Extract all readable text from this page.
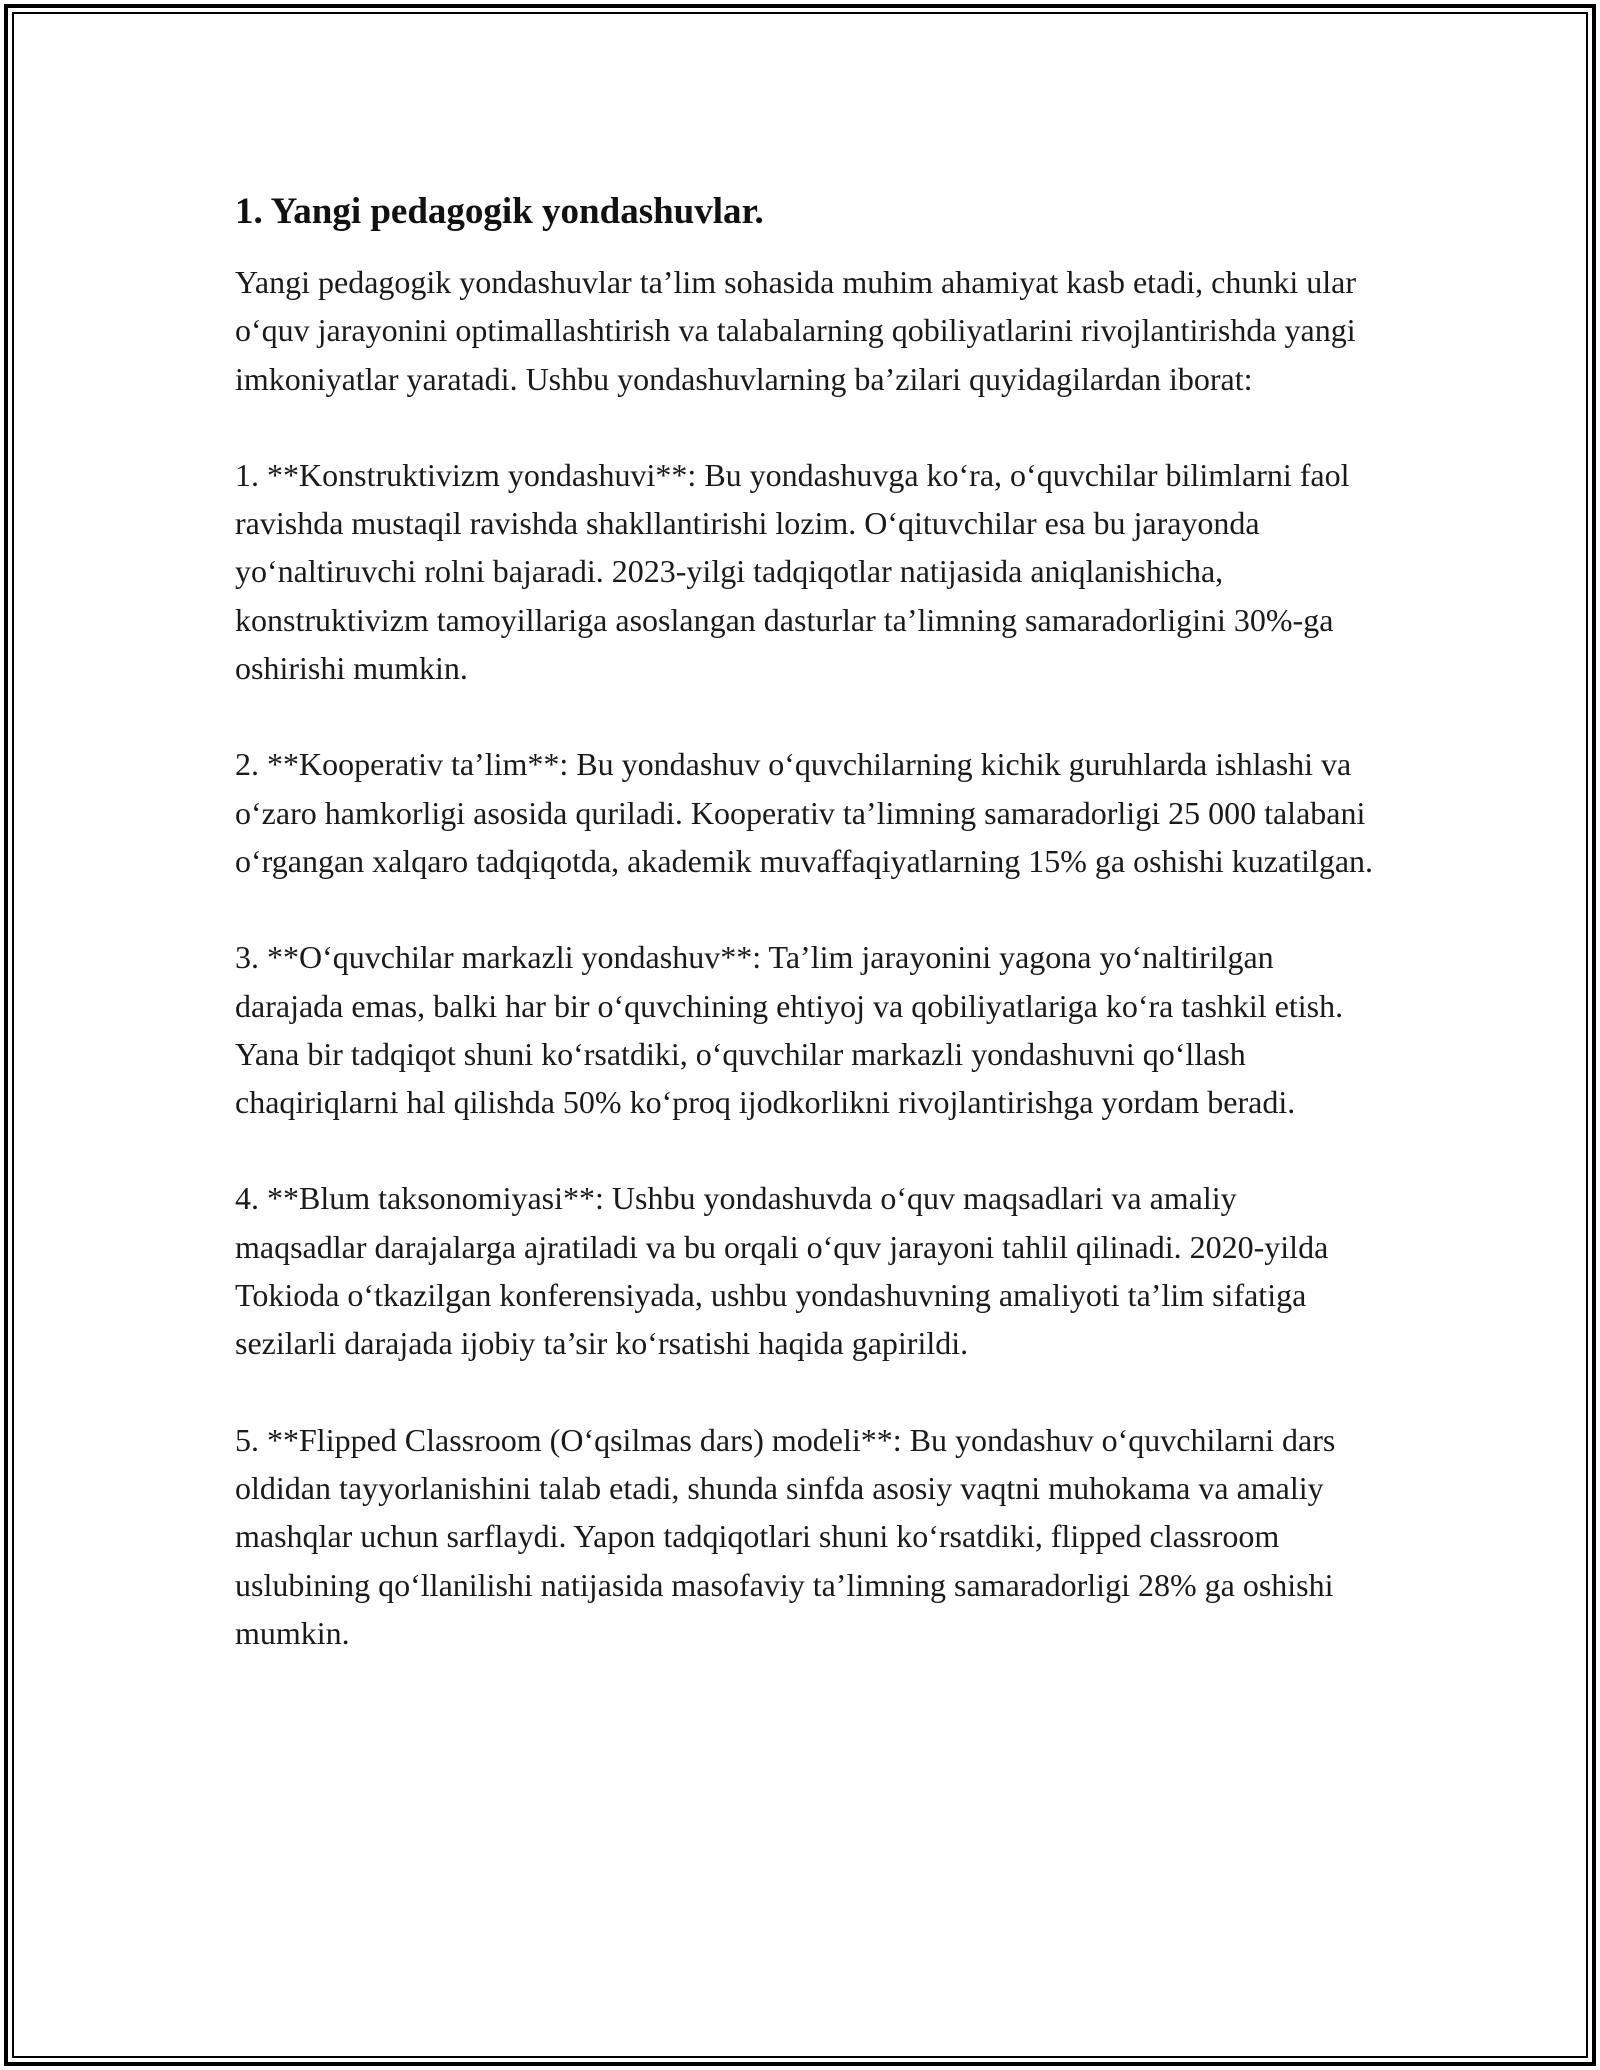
1. Yangi pedagogik yondashuvlar.

Yangi pedagogik yondashuvlar ta’lim sohasida muhim ahamiyat kasb etadi, chunki ular o‘quv jarayonini optimallashtirish va talabalarning qobiliyatlarini rivojlantirishda yangi imkoniyatlar yaratadi. Ushbu yondashuvlarning ba’zilari quyidagilardan iborat:

1. **Konstruktivizm yondashuvi**: Bu yondashuvga ko‘ra, o‘quvchilar bilimlarni faol ravishda mustaqil ravishda shakllantirishi lozim. O‘qituvchilar esa bu jarayonda yo‘naltiruvchi rolni bajaradi. 2023-yilgi tadqiqotlar natijasida aniqlanishicha, konstruktivizm tamoyillariga asoslangan dasturlar ta’limning samaradorligini 30%-ga oshirishi mumkin.

2. **Kooperativ ta’lim**: Bu yondashuv o‘quvchilarning kichik guruhlarda ishlashi va o‘zaro hamkorligi asosida quriladi. Kooperativ ta’limning samaradorligi 25 000 talabani o‘rgangan xalqaro tadqiqotda, akademik muvaffaqiyatlarning 15% ga oshishi kuzatilgan.

3. **O‘quvchilar markazli yondashuv**: Ta’lim jarayonini yagona yo‘naltirilgan darajada emas, balki har bir o‘quvchining ehtiyoj va qobiliyatlariga ko‘ra tashkil etish. Yana bir tadqiqot shuni ko‘rsatdiki, o‘quvchilar markazli yondashuvni qo‘llash chaqiriqlarni hal qilishda 50% ko‘proq ijodkorlikni rivojlantirishga yordam beradi.

4. **Blum taksonomiyasi**: Ushbu yondashuvda o‘quv maqsadlari va amaliy maqsadlar darajalarga ajratiladi va bu orqali o‘quv jarayoni tahlil qilinadi. 2020-yilda Tokioda o‘tkazilgan konferensiyada, ushbu yondashuvning amaliyoti ta’lim sifatiga sezilarli darajada ijobiy ta’sir ko‘rsatishi haqida gapirildi.

5. **Flipped Classroom (O‘qsilmas dars) modeli**: Bu yondashuv o‘quvchilarni dars oldidan tayyorlanishini talab etadi, shunda sinfda asosiy vaqtni muhokama va amaliy mashqlar uchun sarflaydi. Yapon tadqiqotlari shuni ko‘rsatdiki, flipped classroom uslubining qo‘llanilishi natijasida masofaviy ta’limning samaradorligi 28% ga oshishi mumkin.
